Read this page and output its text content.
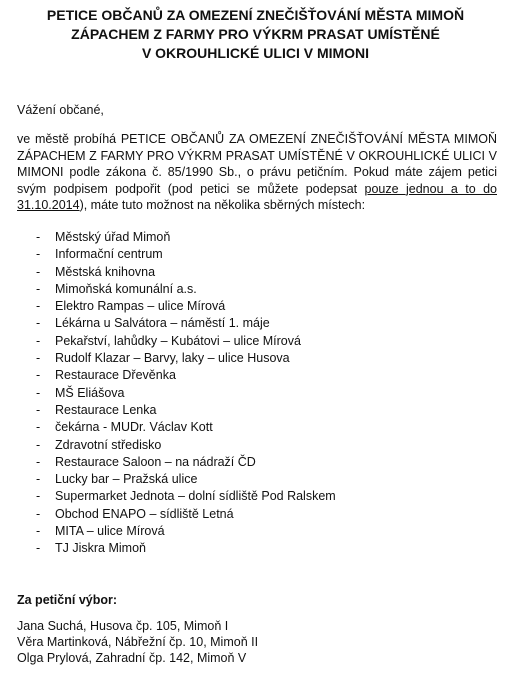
PETICE OBČANŮ ZA OMEZENÍ ZNEČIŠŤOVÁNÍ MĚSTA MIMOŇ
ZÁPACHEM Z FARMY PRO VÝKRM PRASAT UMÍSTĚNÉ
V OKROUHLICKÉ ULICI V MIMONI
Vážení občané,

ve městě probíhá PETICE OBČANŮ ZA OMEZENÍ ZNEČIŠŤOVÁNÍ MĚSTA MIMOŇ ZÁPACHEM Z FARMY PRO VÝKRM PRASAT UMÍSTĚNÉ V OKROUHLICKÉ ULICI V MIMONI podle zákona č. 85/1990 Sb., o právu petičním. Pokud máte zájem petici svým podpisem podpořit (pod petici se můžete podepsat pouze jednou a to do 31.10.2014), máte tuto možnost na několika sběrných místech:

- Městský úřad Mimoň
- Informační centrum
- Městská knihovna
- Mimoňská komunální a.s.
- Elektro Rampas – ulice Mírová
- Lékárna u Salvátora – náměstí 1. máje
- Pekařství, lahůdky – Kubátovi – ulice Mírová
- Rudolf Klazar – Barvy, laky – ulice Husova
- Restaurace Dřevěnka
- MŠ Eliášova
- Restaurace Lenka
- čekárna - MUDr. Václav Kott
- Zdravotní středisko
- Restaurace Saloon – na nádraží ČD
- Lucky bar – Pražská ulice
- Supermarket Jednota – dolní sídliště Pod Ralskem
- Obchod ENAPO – sídliště Letná
- MITA – ulice Mírová
- TJ Jiskra Mimoň
Za petiční výbor:
Jana Suchá, Husova čp. 105, Mimoň I
Věra Martinková, Nábřežní čp. 10, Mimoň II
Olga Prylová, Zahradní čp. 142, Mimoň V
